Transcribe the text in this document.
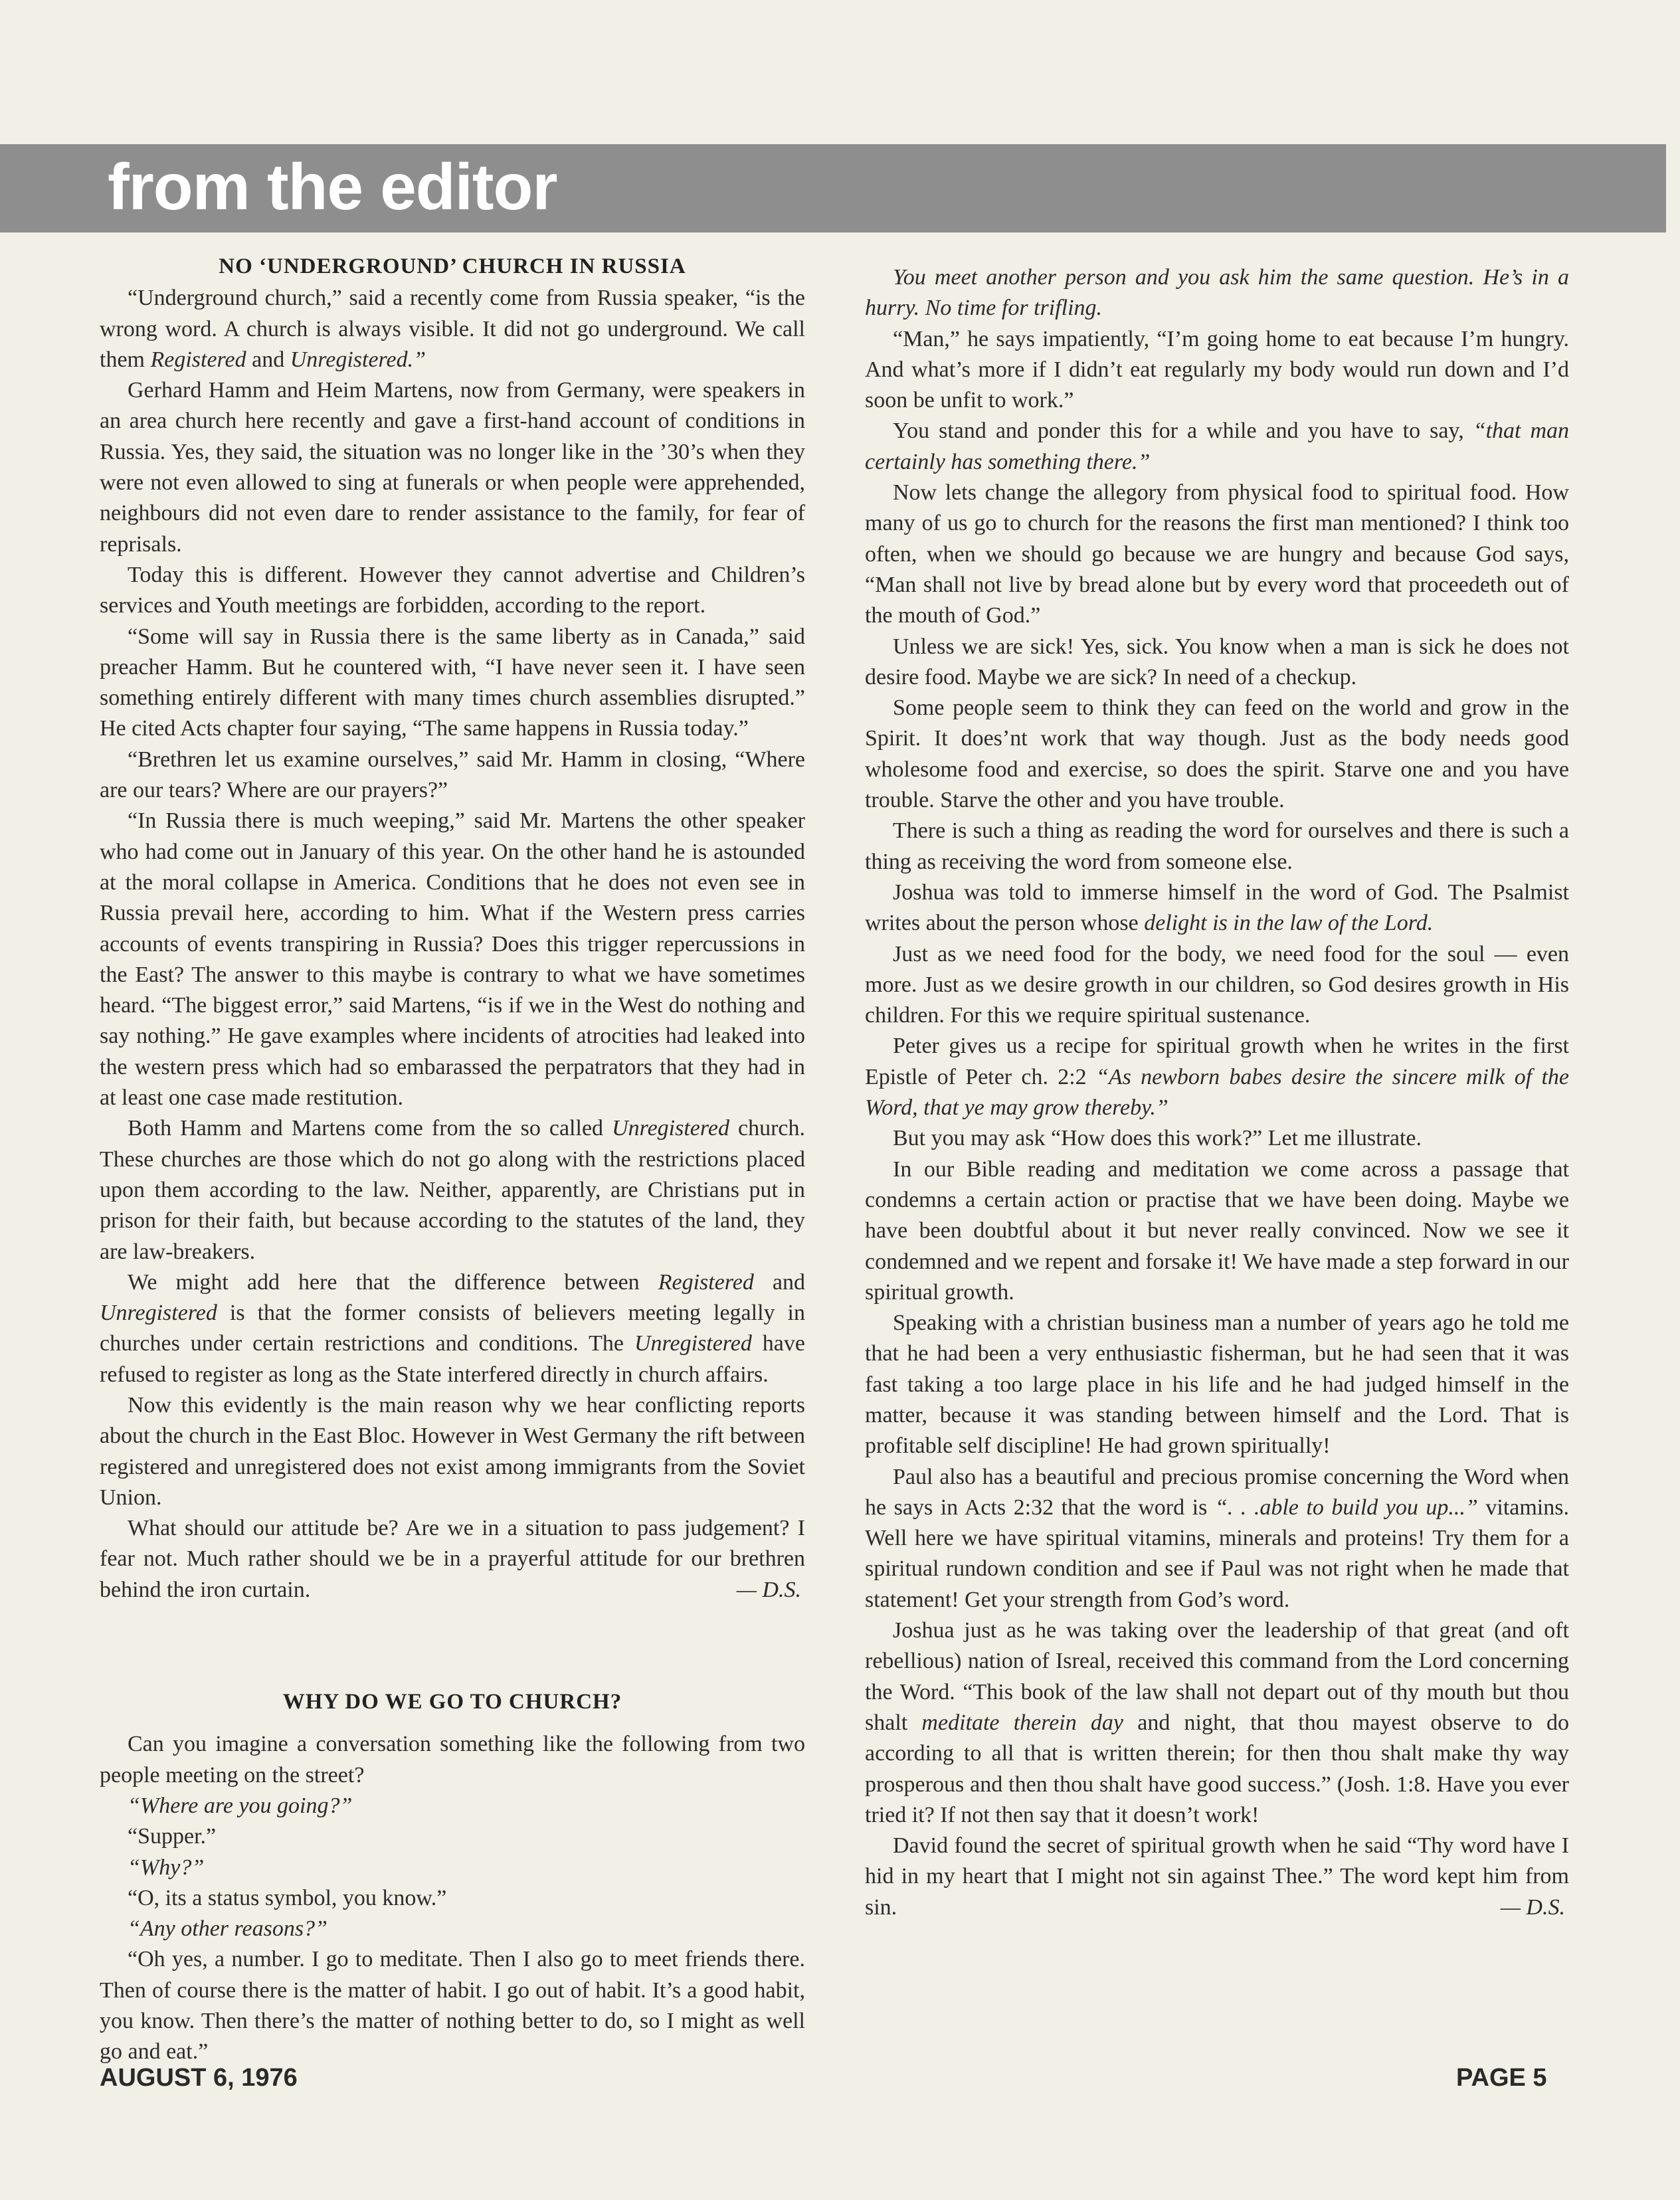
from the editor
NO ‘UNDERGROUND’ CHURCH IN RUSSIA

“Underground church,” said a recently come from Russia speaker, “is the wrong word. A church is always visible. It did not go underground. We call them Registered and Unregistered.”

Gerhard Hamm and Heim Martens, now from Germany, were speakers in an area church here recently and gave a first-hand account of conditions in Russia. Yes, they said, the situation was no longer like in the ’30’s when they were not even allowed to sing at funerals or when people were apprehended, neighbours did not even dare to render assistance to the family, for fear of reprisals.

Today this is different. However they cannot advertise and Children’s services and Youth meetings are forbidden, according to the report.

“Some will say in Russia there is the same liberty as in Canada,” said preacher Hamm. But he countered with, “I have never seen it. I have seen something entirely different with many times church assemblies disrupted.” He cited Acts chapter four saying, “The same happens in Russia today.”

“Brethren let us examine ourselves,” said Mr. Hamm in closing, “Where are our tears? Where are our prayers?”

“In Russia there is much weeping,” said Mr. Martens the other speaker who had come out in January of this year. On the other hand he is astounded at the moral collapse in America. Conditions that he does not even see in Russia prevail here, according to him. What if the Western press carries accounts of events transpiring in Russia? Does this trigger repercussions in the East? The answer to this maybe is contrary to what we have sometimes heard. “The biggest error,” said Martens, “is if we in the West do nothing and say nothing.” He gave examples where incidents of atrocities had leaked into the western press which had so embarassed the perpatrators that they had in at least one case made restitution.

Both Hamm and Martens come from the so called Unregistered church. These churches are those which do not go along with the restrictions placed upon them according to the law. Neither, apparently, are Christians put in prison for their faith, but because according to the statutes of the land, they are law-breakers.

We might add here that the difference between Registered and Unregistered is that the former consists of believers meeting legally in churches under certain restrictions and conditions. The Unregistered have refused to register as long as the State interfered directly in church affairs.

Now this evidently is the main reason why we hear conflicting reports about the church in the East Bloc. However in West Germany the rift between registered and unregistered does not exist among immigrants from the Soviet Union.

What should our attitude be? Are we in a situation to pass judgement? I fear not. Much rather should we be in a prayerful attitude for our brethren behind the iron curtain.	— D.S.

WHY DO WE GO TO CHURCH?

Can you imagine a conversation something like the following from two people meeting on the street?

“Where are you going?”

“Supper.”

“Why?”

“O, its a status symbol, you know.”

“Any other reasons?”

“Oh yes, a number. I go to meditate. Then I also go to meet friends there. Then of course there is the matter of habit. I go out of habit. It’s a good habit, you know. Then there’s the matter of nothing better to do, so I might as well go and eat.”

You meet another person and you ask him the same question. He’s in a hurry. No time for trifling.

“Man,” he says impatiently, “I’m going home to eat because I’m hungry. And what’s more if I didn’t eat regularly my body would run down and I’d soon be unfit to work.”

You stand and ponder this for a while and you have to say, “that man certainly has something there.”

Now lets change the allegory from physical food to spiritual food. How many of us go to church for the reasons the first man mentioned? I think too often, when we should go because we are hungry and because God says, “Man shall not live by bread alone but by every word that proceedeth out of the mouth of God.”

Unless we are sick! Yes, sick. You know when a man is sick he does not desire food. Maybe we are sick? In need of a checkup.

Some people seem to think they can feed on the world and grow in the Spirit. It does’nt work that way though. Just as the body needs good wholesome food and exercise, so does the spirit. Starve one and you have trouble. Starve the other and you have trouble.

There is such a thing as reading the word for ourselves and there is such a thing as receiving the word from someone else.

Joshua was told to immerse himself in the word of God. The Psalmist writes about the person whose delight is in the law of the Lord.

Just as we need food for the body, we need food for the soul — even more. Just as we desire growth in our children, so God desires growth in His children. For this we require spiritual sustenance.

Peter gives us a recipe for spiritual growth when he writes in the first Epistle of Peter ch. 2:2 “As newborn babes desire the sincere milk of the Word, that ye may grow thereby.”

But you may ask “How does this work?” Let me illustrate.

In our Bible reading and meditation we come across a passage that condemns a certain action or practise that we have been doing. Maybe we have been doubtful about it but never really convinced. Now we see it condemned and we repent and forsake it! We have made a step forward in our spiritual growth.

Speaking with a christian business man a number of years ago he told me that he had been a very enthusiastic fisherman, but he had seen that it was fast taking a too large place in his life and he had judged himself in the matter, because it was standing between himself and the Lord. That is profitable self discipline! He had grown spiritually!

Paul also has a beautiful and precious promise concerning the Word when he says in Acts 2:32 that the word is “. . .able to build you up...” vitamins. Well here we have spiritual vitamins, minerals and proteins! Try them for a spiritual rundown condition and see if Paul was not right when he made that statement! Get your strength from God’s word.

Joshua just as he was taking over the leadership of that great (and oft rebellious) nation of Isreal, received this command from the Lord concerning the Word. “This book of the law shall not depart out of thy mouth but thou shalt meditate therein day and night, that thou mayest observe to do according to all that is written therein; for then thou shalt make thy way prosperous and then thou shalt have good success.” (Josh. 1:8. Have you ever tried it? If not then say that it doesn’t work!

David found the secret of spiritual growth when he said “Thy word have I hid in my heart that I might not sin against Thee.” The word kept him from sin.	— D.S.

AUGUST 6, 1976	PAGE 5
